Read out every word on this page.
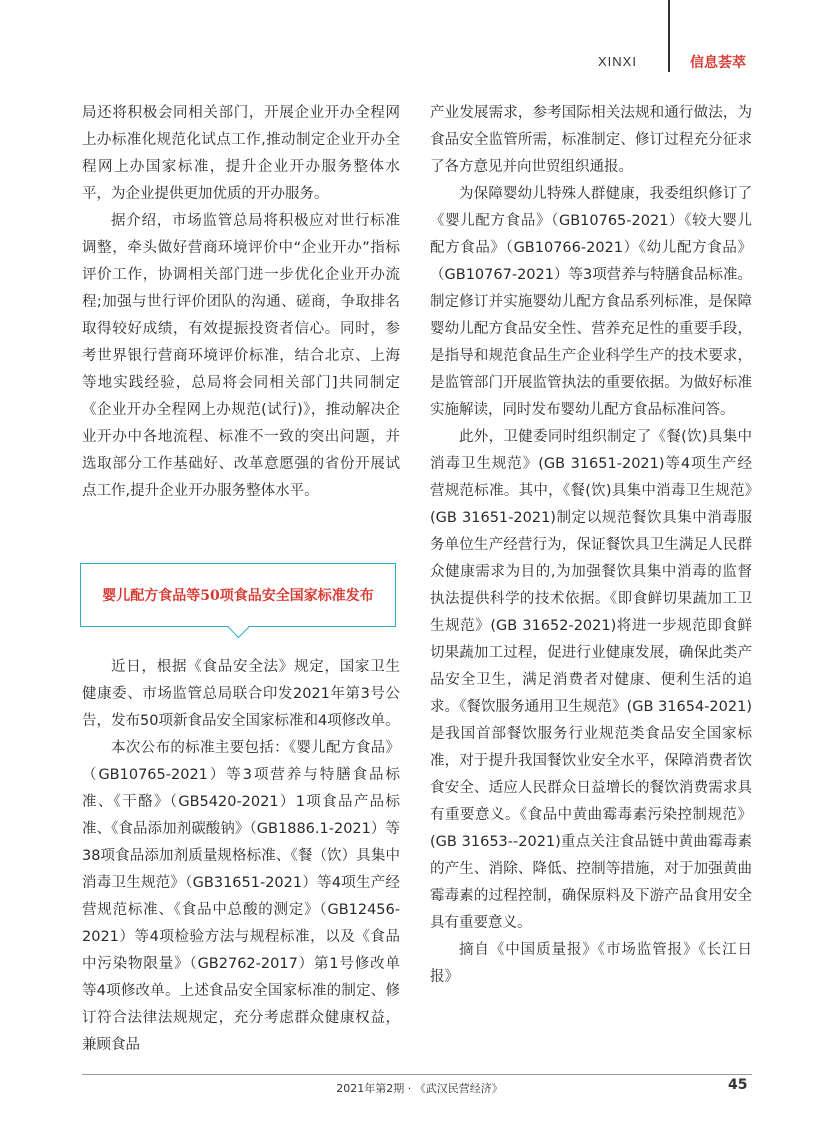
XINXI	信息荟萃

局还将积极会同相关部门，开展企业开办全程网上办标准化规范化试点工作,推动制定企业开办全程网上办国家标准，提升企业开办服务整体水平，为企业提供更加优质的开办服务。

据介绍，市场监管总局将积极应对世行标准调整，牵头做好营商环境评价中“企业开办”指标评价工作，协调相关部门进一步优化企业开办流程;加强与世行评价团队的沟通、磋商，争取排名取得较好成绩，有效提振投资者信心。同时，参考世界银行营商环境评价标准，结合北京、上海等地实践经验，总局将会同相关部门]共同制定《企业开办全程网上办规范(试行)》，推动解决企业开办中各地流程、标准不一致的突出问题，并选取部分工作基础好、改革意愿强的省份开展试点工作,提升企业开办服务整体水平。

婴儿配方食品等50项食品安全国家标准发布

近日，根据《食品安全法》规定，国家卫生健康委、市场监管总局联合印发2021年第3号公告，发布50项新食品安全国家标准和4项修改单。

本次公布的标准主要包括：《婴儿配方食品》（GB10765-2021）等3项营养与特膳食品标准、《干酪》（GB5420-2021）1项食品产品标准、《食品添加剂碳酸钠》（GB1886.1-2021）等38项食品添加剂质量规格标准、《餐（饮）具集中消毒卫生规范》（GB31651-2021）等4项生产经营规范标准、《食品中总酸的测定》（GB12456-2021）等4项检验方法与规程标准，以及《食品中污染物限量》（GB2762-2017）第1号修改单等4项修改单。上述食品安全国家标准的制定、修订符合法律法规规定，充分考虑群众健康权益，兼顾食品

产业发展需求，参考国际相关法规和通行做法，为食品安全监管所需，标准制定、修订过程充分征求了各方意见并向世贸组织通报。

为保障婴幼儿特殊人群健康，我委组织修订了《婴儿配方食品》（GB10765-2021）《较大婴儿配方食品》（GB10766-2021）《幼儿配方食品》（GB10767-2021）等3项营养与特膳食品标准。制定修订并实施婴幼儿配方食品系列标准，是保障婴幼儿配方食品安全性、营养充足性的重要手段，是指导和规范食品生产企业科学生产的技术要求，是监管部门开展监管执法的重要依据。为做好标准实施解读，同时发布婴幼儿配方食品标准问答。

此外，卫健委同时组织制定了《餐(饮)具集中消毒卫生规范》(GB 31651-2021)等4项生产经营规范标准。其中，《餐(饮)具集中消毒卫生规范》(GB 31651-2021)制定以规范餐饮具集中消毒服务单位生产经营行为，保证餐饮具卫生满足人民群众健康需求为目的,为加强餐饮具集中消毒的监督执法提供科学的技术依据。《即食鲜切果蔬加工卫生规范》(GB 31652-2021)将进一步规范即食鲜切果蔬加工过程，促进行业健康发展，确保此类产品安全卫生，满足消费者对健康、便利生活的追求。《餐饮服务通用卫生规范》(GB 31654-2021)是我国首部餐饮服务行业规范类食品安全国家标准，对于提升我国餐饮业安全水平，保障消费者饮食安全、适应人民群众日益增长的餐饮消费需求具有重要意义。《食品中黄曲霉毒素污染控制规范》(GB 31653--2021)重点关注食品链中黄曲霉毒素的产生、消除、降低、控制等措施，对于加强黄曲霉毒素的过程控制，确保原料及下游产品食用安全具有重要意义。

摘自《中国质量报》《市场监管报》《长江日报》

2021年第2期 · 《武汉民营经济》	45
